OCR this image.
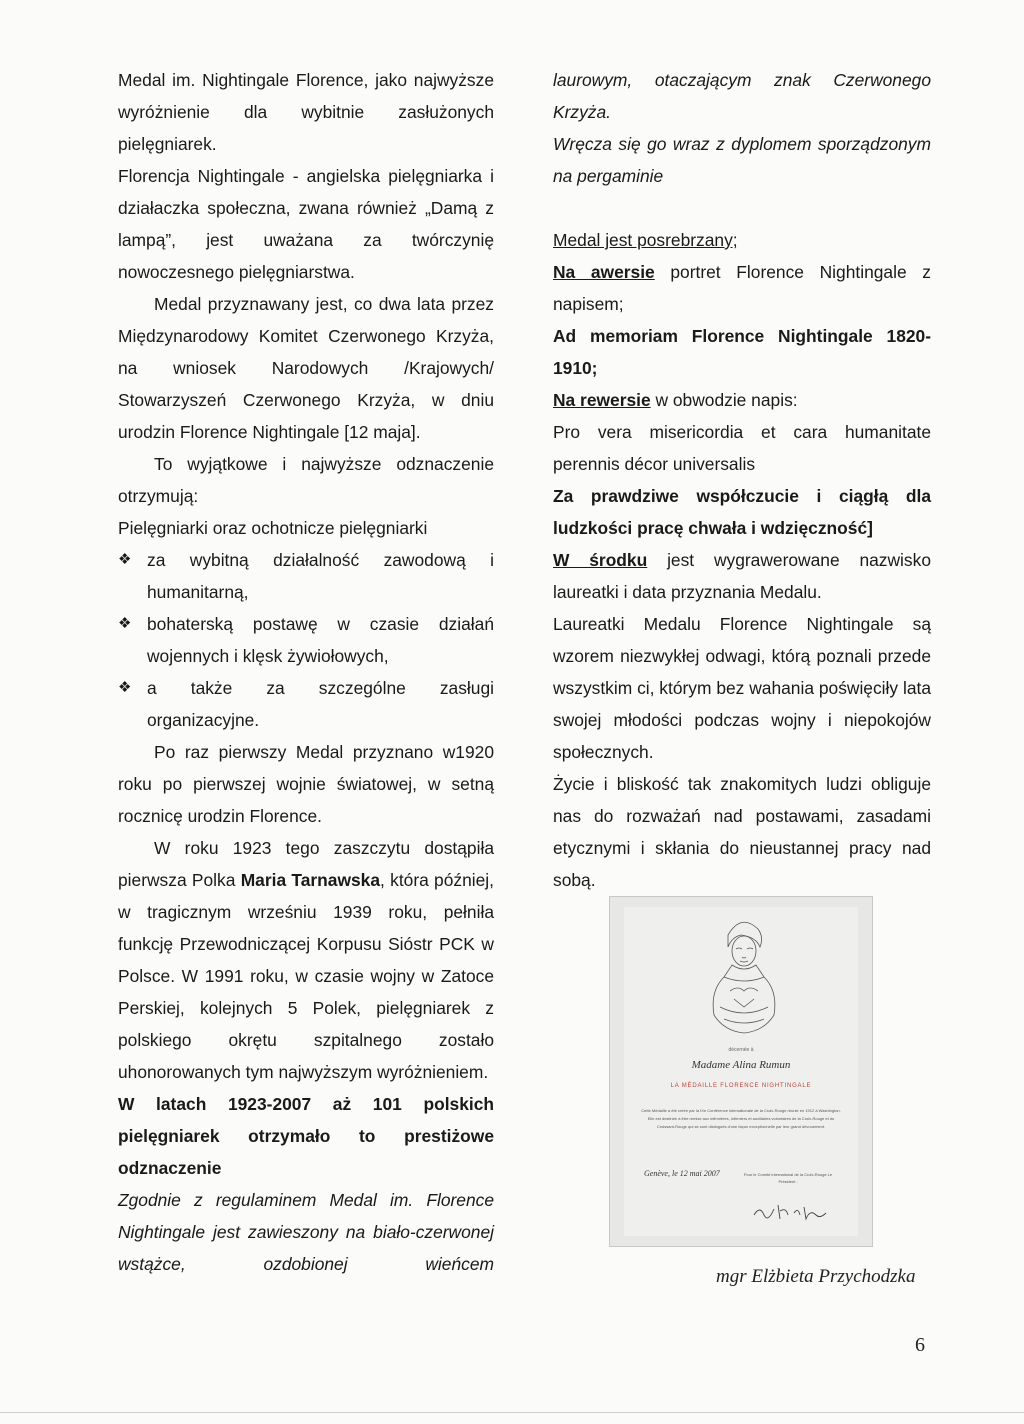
Medal im. Nightingale Florence, jako najwyższe wyróżnienie dla wybitnie zasłużonych pielęgniarek.

Florencja Nightingale - angielska pielęgniarka i działaczka społeczna, zwana również „Damą z lampą”, jest uważana za twórczynię nowoczesnego pielęgniarstwa.

Medal przyznawany jest, co dwa lata przez Międzynarodowy Komitet Czerwonego Krzyża, na wniosek Narodowych /Krajowych/ Stowarzyszeń Czerwonego Krzyża, w dniu urodzin Florence Nightingale [12 maja].

To wyjątkowe i najwyższe odznaczenie otrzymują:

Pielęgniarki oraz ochotnicze pielęgniarki

❖ za wybitną działalność zawodową i humanitarną,
❖ bohaterską postawę w czasie działań wojennych i klęsk żywiołowych,
❖ a także za szczególne zasługi organizacyjne.

Po raz pierwszy Medal przyznano w1920 roku po pierwszej wojnie światowej, w setną rocznicę urodzin Florence.

W roku 1923 tego zaszczytu dostąpiła pierwsza Polka Maria Tarnawska, która później, w tragicznym wrześniu 1939 roku, pełniła funkcję Przewodniczącej Korpusu Sióstr PCK w Polsce. W 1991 roku, w czasie wojny w Zatoce Perskiej, kolejnych 5 Polek, pielęgniarek z polskiego okrętu szpitalnego zostało uhonorowanych tym najwyższym wyróżnieniem.

W latach 1923-2007 aż 101 polskich pielęgniarek otrzymało to prestiżowe odznaczenie

Zgodnie z regulaminem Medal im. Florence Nightingale jest zawieszony na biało-czerwonej wstążce, ozdobionej wieńcem

laurowym, otaczającym znak Czerwonego Krzyża.

Wręcza się go wraz z dyplomem sporządzonym na pergaminie

Medal jest posrebrzany;

Na awersie portret Florence Nightingale z napisem;

Ad memoriam Florence Nightingale 1820-1910;

Na rewersie w obwodzie napis:

Pro vera misericordia et cara humanitate perennis décor universalis

Za prawdziwe współczucie i ciągłą dla ludzkości pracę chwała i wdzięczność]

W środku jest wygrawerowane nazwisko laureatki i data przyznania Medalu.

Laureatki Medalu Florence Nightingale są wzorem niezwykłej odwagi, którą poznali przede wszystkim ci, którym bez wahania poświęciły lata swojej młodości podczas wojny i niepokojów społecznych.

Życie i bliskość tak znakomitych ludzi obliguje nas do rozważań nad postawami, zasadami etycznymi i skłania do nieustannej pracy nad sobą.

décernée à
Madame Alina Rumun
LA MÉDAILLE FLORENCE NIGHTINGALE
Cette Médaille a été créée par la IXe Conférence internationale de la Croix-Rouge réunie en 1912 à Washington. Elle est destinée à être remise aux infirmières, infirmiers et auxiliaires volontaires de la Croix-Rouge et du Croissant-Rouge qui se sont distingués d'une façon exceptionnelle par leur grand dévouement.
Genève, le 12 mai 2007	Pour le Comité international de la Croix-Rouge Le Président :
mgr Elżbieta Przychodzka
6
